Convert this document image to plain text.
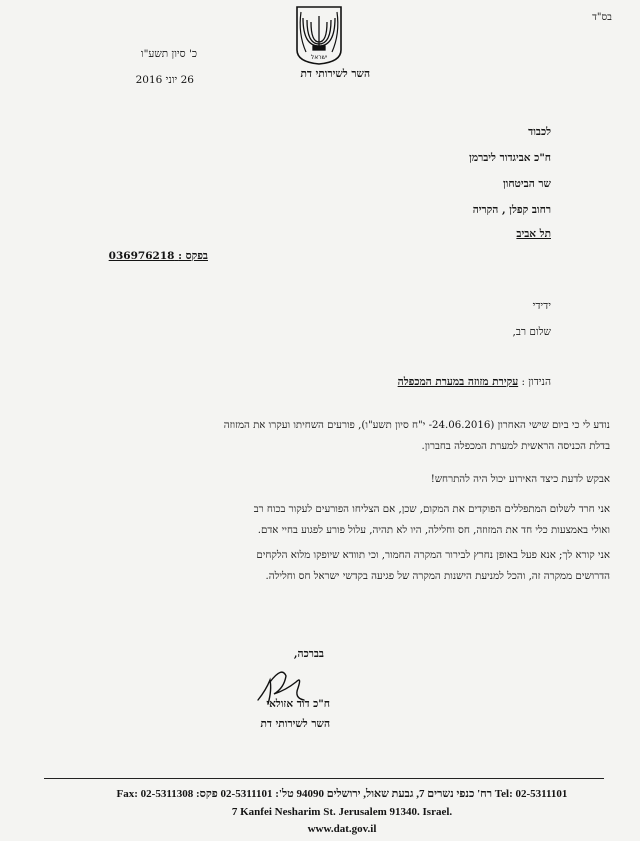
בס"ד
ישראל
כ' סיון תשע"ו
26 יוני 2016	השר לשירותי דת
לכבוד
ח"כ אביגדור ליברמן
שר הביטחון
רחוב קפלן , הקריה
תל אביב
בפקס : 036976218
ידידי
שלום רב,
הנידון : עקירת מזוזה במערת המכפלה
נודע לי כי ביום שישי האחרון (24.06.2016- י"ח סיון תשע"ו), פורעים השחיתו ועקרו את המזוזה
בדלת הכניסה הראשית למערת המכפלה בחברון.
אבקש לדעת כיצד האירוע יכול היה להתרחש!
אני חרד לשלום המתפללים הפוקדים את המקום, שכן, אם הצליחו הפורעים לעקור בכוח רב
ואולי באמצעות כלי חד את המזוזה, חס וחלילה, היו לא תהיה, עלול פורע לפגוע בחיי אדם.
אני קורא לך; אנא פעל באופן נחרץ לבירור המקרה החמור, וכי תוודא שיופקו מלוא הלקחים
הדרושים ממקרה זה, והכל למניעת הישנות המקרה של פגיעה בקדשי ישראל חס וחלילה.
בברכה,
ח"כ דוד אזולאי
השר לשירותי דת
Fax: 02-5311308 רח' כנפי נשרים 7, גבעת שאול, ירושלים 94090 טל': 02-5311101 פקס: Tel: 02-5311101
7 Kanfei Nesharim St. Jerusalem 91340. Israel.
www.dat.gov.il
